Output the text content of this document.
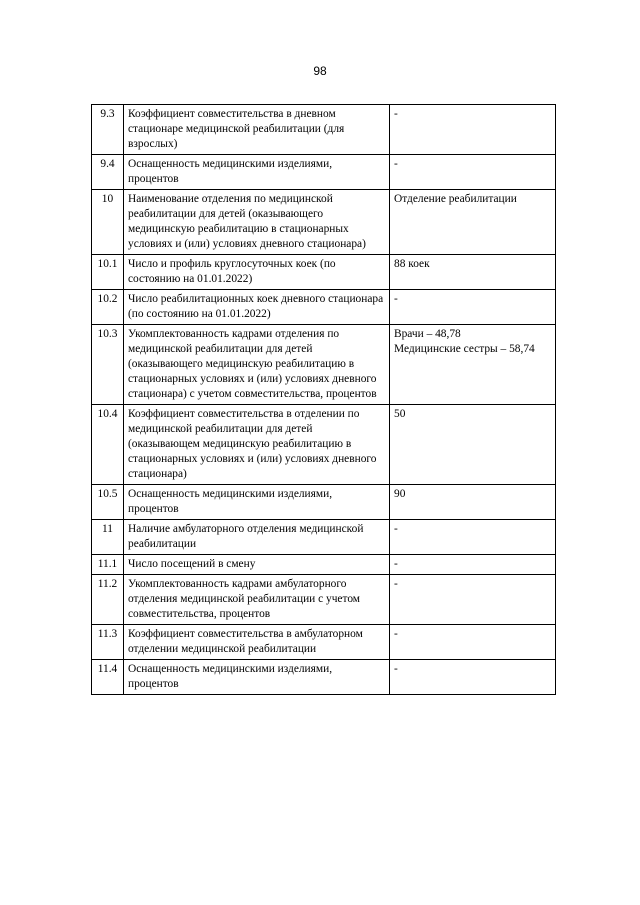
98
9.3	Коэффициент совместительства в дневном стационаре медицинской реабилитации (для взрослых)	-

9.4	Оснащенность медицинскими изделиями, процентов	-

10	Наименование отделения по медицинской реабилитации для детей (оказывающего медицинскую реабилитацию в стационарных условиях и (или) условиях дневного стационара)	Отделение реабилитации

10.1	Число и профиль круглосуточных коек (по состоянию на 01.01.2022)	88 коек

10.2	Число реабилитационных коек дневного стационара (по состоянию на 01.01.2022)	-

10.3	Укомплектованность кадрами отделения по медицинской реабилитации для детей (оказывающего медицинскую реабилитацию в стационарных условиях и (или) условиях дневного стационара) с учетом совместительства, процентов	Врачи – 48,78
Медицинские сестры – 58,74

10.4	Коэффициент совместительства в отделении по медицинской реабилитации для детей (оказывающем медицинскую реабилитацию в стационарных условиях и (или) условиях дневного стационара)	50

10.5	Оснащенность медицинскими изделиями, процентов	90

11	Наличие амбулаторного отделения медицинской реабилитации	-

11.1	Число посещений в смену	-

11.2	Укомплектованность кадрами амбулаторного отделения медицинской реабилитации с учетом совместительства, процентов	-

11.3	Коэффициент совместительства в амбулаторном отделении медицинской реабилитации	-

11.4	Оснащенность медицинскими изделиями, процентов	-
